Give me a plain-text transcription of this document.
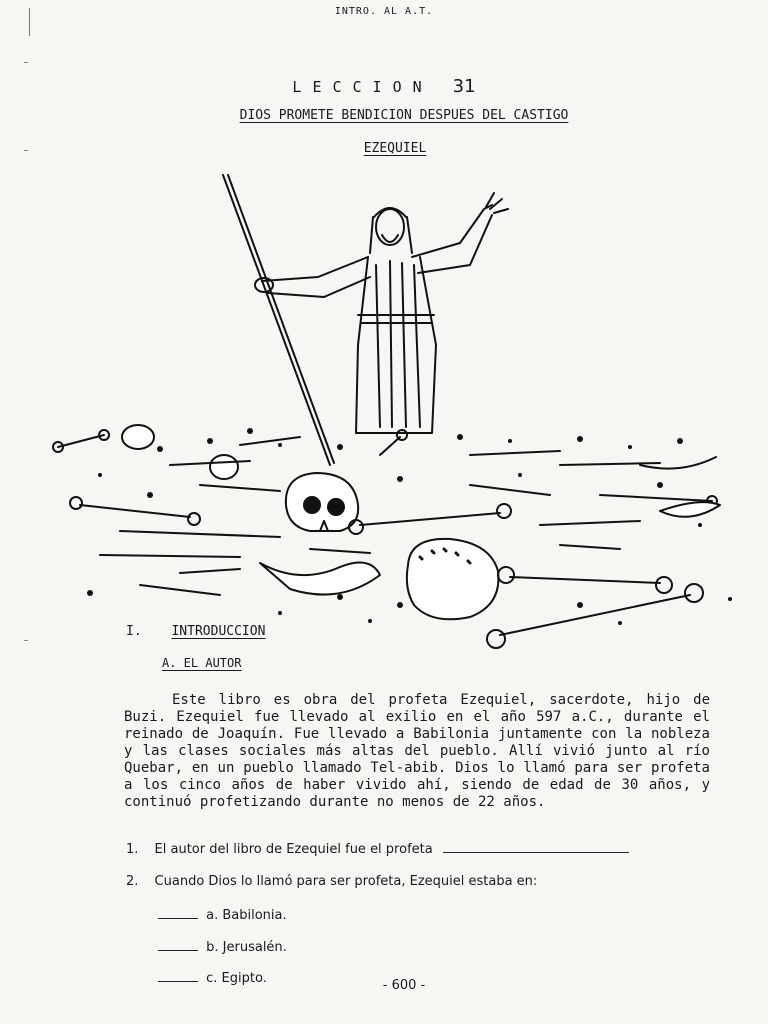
INTRO. AL A.T.
LECCION 31
DIOS PROMETE BENDICION DESPUES DEL CASTIGO
EZEQUIEL
I. INTRODUCCION
A. EL AUTOR
Este libro es obra del profeta Ezequiel, sacerdote, hijo de Buzi. Ezequiel fue llevado al exilio en el año 597 a.C., durante el reinado de Joaquín. Fue llevado a Babilonia juntamente con la nobleza y las clases sociales más altas del pueblo. Allí vivió junto al río Quebar, en un pueblo llamado Tel-abib. Dios lo llamó para ser profeta a los cinco años de haber vivido ahí, siendo de edad de 30 años, y continuó profetizando durante no menos de 22 años.
1. El autor del libro de Ezequiel fue el profeta
2. Cuando Dios lo llamó para ser profeta, Ezequiel estaba en:
a. Babilonia.
b. Jerusalén.
c. Egipto.	- 600 -
